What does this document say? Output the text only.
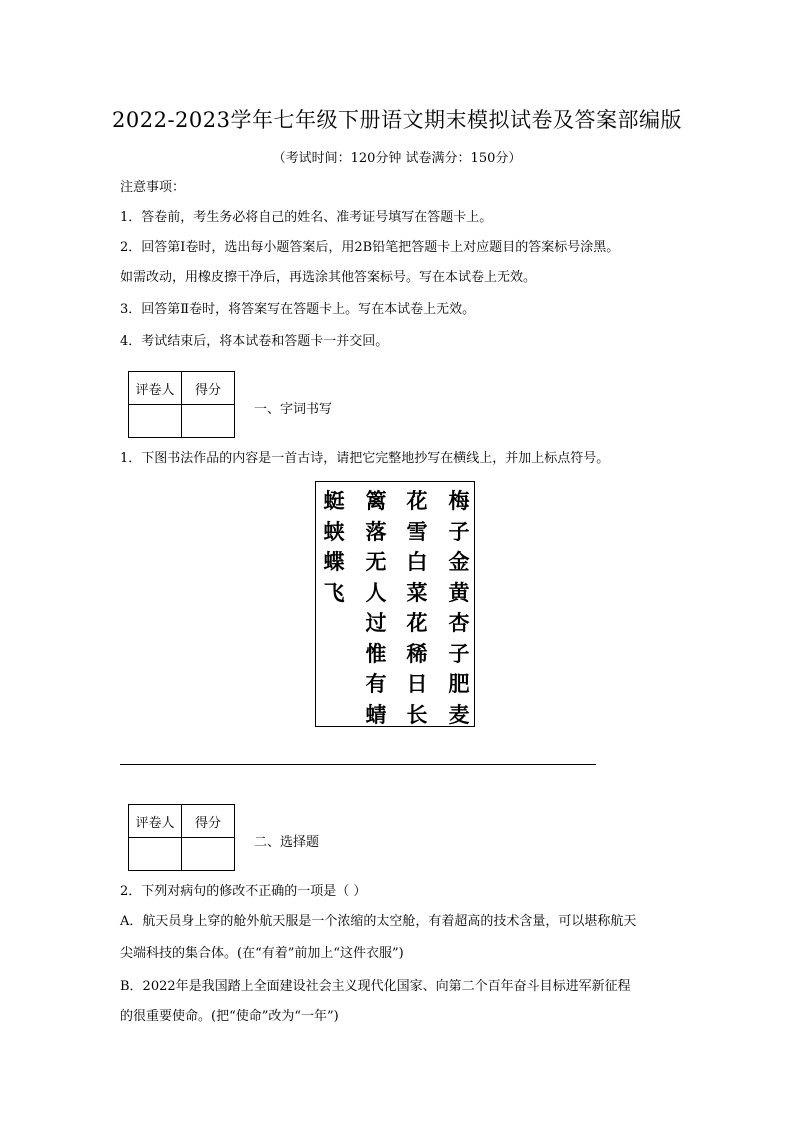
2022-2023学年七年级下册语文期末模拟试卷及答案部编版
（考试时间：120分钟 试卷满分：150分）
注意事项：
1．答卷前，考生务必将自己的姓名、准考证号填写在答题卡上。
2．回答第Ⅰ卷时，选出每小题答案后，用2B铅笔把答题卡上对应题目的答案标号涂黑。
如需改动，用橡皮擦干净后，再选涂其他答案标号。写在本试卷上无效。
3．回答第Ⅱ卷时，将答案写在答题卡上。写在本试卷上无效。
4．考试结束后，将本试卷和答题卡一并交回。
评卷人	得分

一、字词书写
1．下图书法作品的内容是一首古诗，请把它完整地抄写在横线上，并加上标点符号。
梅
子
金
黄
杏
子
肥
麦
花
雪
白
菜
花
稀
日
长
篱
落
无
人
过
惟
有
蜻
蜓
蛱
蝶
飞
评卷人	得分

二、选择题
2．下列对病句的修改不正确的一项是（ ）
A．航天员身上穿的舱外航天服是一个浓缩的太空舱，有着超高的技术含量，可以堪称航天
尖端科技的集合体。(在“有着”前加上“这件衣服”)
B．2022年是我国踏上全面建设社会主义现代化国家、向第二个百年奋斗目标进军新征程
的很重要使命。(把“使命”改为“一年”)
